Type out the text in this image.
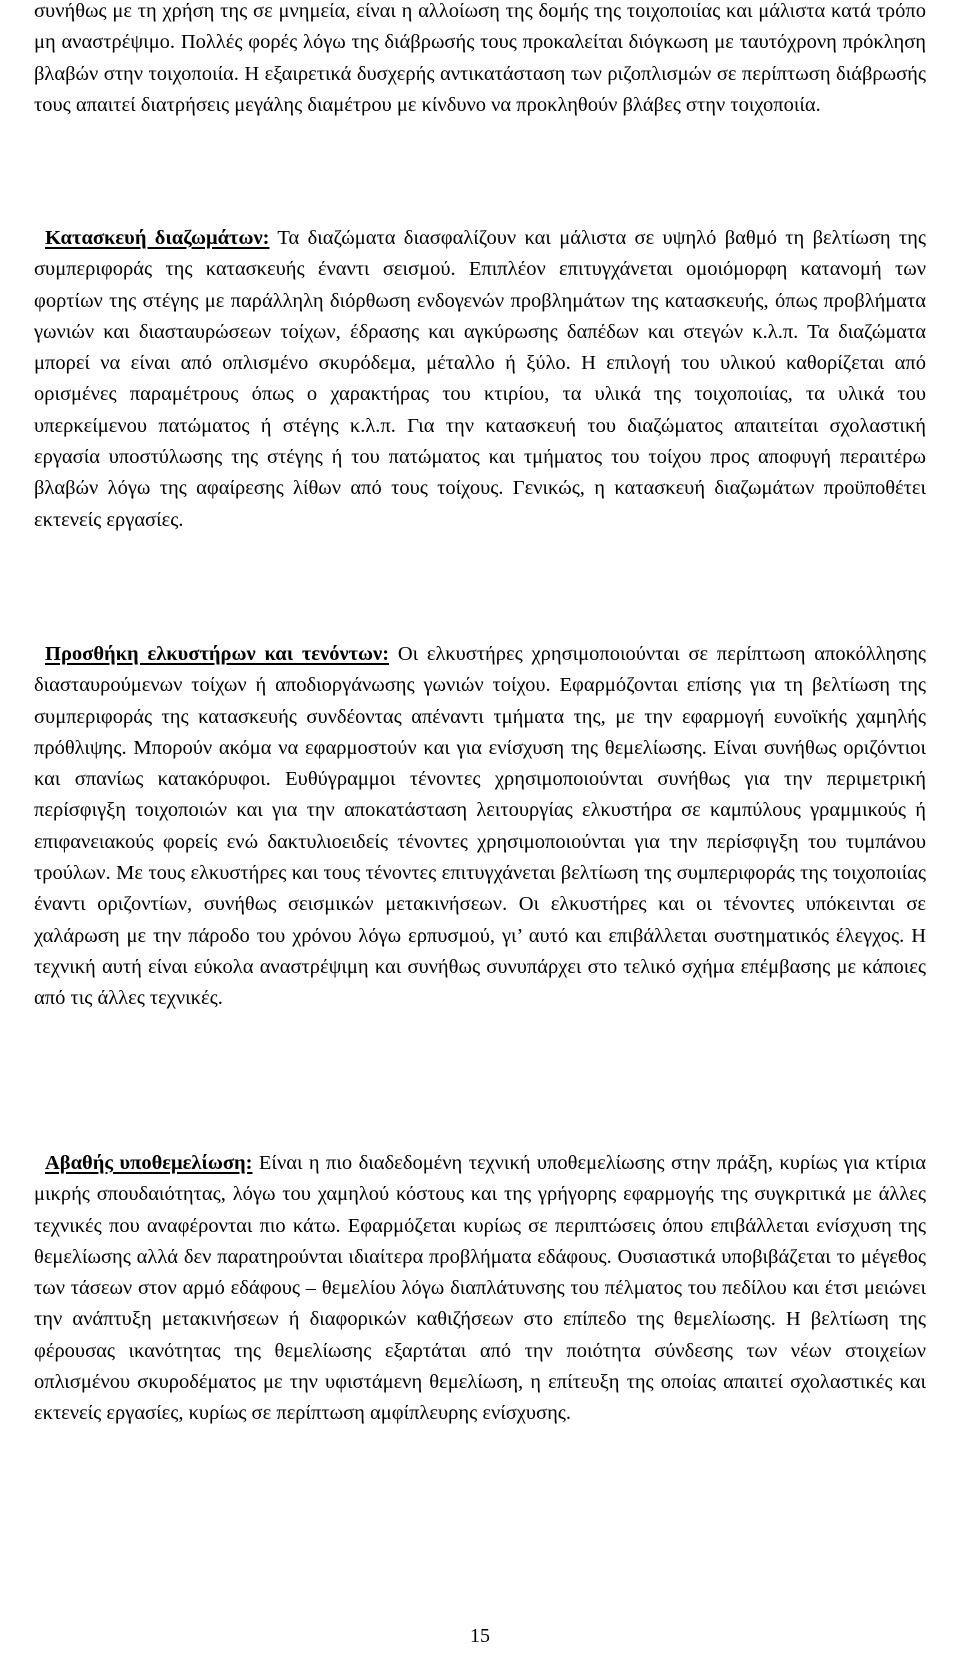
συνήθως με τη χρήση της σε μνημεία, είναι η αλλοίωση της δομής της τοιχοποιίας και μάλιστα κατά τρόπο μη αναστρέψιμο. Πολλές φορές λόγω της διάβρωσής τους προκαλείται διόγκωση με ταυτόχρονη πρόκληση βλαβών στην τοιχοποιία. Η εξαιρετικά δυσχερής αντικατάσταση των ριζοπλισμών σε περίπτωση διάβρωσής τους απαιτεί διατρήσεις μεγάλης διαμέτρου με κίνδυνο να προκληθούν βλάβες στην τοιχοποιία.

Κατασκευή διαζωμάτων: Τα διαζώματα διασφαλίζουν και μάλιστα σε υψηλό βαθμό τη βελτίωση της συμπεριφοράς της κατασκευής έναντι σεισμού. Επιπλέον επιτυγχάνεται ομοιόμορφη κατανομή των φορτίων της στέγης με παράλληλη διόρθωση ενδογενών προβλημάτων της κατασκευής, όπως προβλήματα γωνιών και διασταυρώσεων τοίχων, έδρασης και αγκύρωσης δαπέδων και στεγών κ.λ.π. Τα διαζώματα μπορεί να είναι από οπλισμένο σκυρόδεμα, μέταλλο ή ξύλο. Η επιλογή του υλικού καθορίζεται από ορισμένες παραμέτρους όπως ο χαρακτήρας του κτιρίου, τα υλικά της τοιχοποιίας, τα υλικά του υπερκείμενου πατώματος ή στέγης κ.λ.π. Για την κατασκευή του διαζώματος απαιτείται σχολαστική εργασία υποστύλωσης της στέγης ή του πατώματος και τμήματος του τοίχου προς αποφυγή περαιτέρω βλαβών λόγω της αφαίρεσης λίθων από τους τοίχους. Γενικώς, η κατασκευή διαζωμάτων προϋποθέτει εκτενείς εργασίες.

Προσθήκη ελκυστήρων και τενόντων: Οι ελκυστήρες χρησιμοποιούνται σε περίπτωση αποκόλλησης διασταυρούμενων τοίχων ή αποδιοργάνωσης γωνιών τοίχου. Εφαρμόζονται επίσης για τη βελτίωση της συμπεριφοράς της κατασκευής συνδέοντας απέναντι τμήματα της, με την εφαρμογή ευνοϊκής χαμηλής πρόθλιψης. Μπορούν ακόμα να εφαρμοστούν και για ενίσχυση της θεμελίωσης. Είναι συνήθως οριζόντιοι και σπανίως κατακόρυφοι. Ευθύγραμμοι τένοντες χρησιμοποιούνται συνήθως για την περιμετρική περίσφιγξη τοιχοποιών και για την αποκατάσταση λειτουργίας ελκυστήρα σε καμπύλους γραμμικούς ή επιφανειακούς φορείς ενώ δακτυλιοειδείς τένοντες χρησιμοποιούνται για την περίσφιγξη του τυμπάνου τρούλων. Με τους ελκυστήρες και τους τένοντες επιτυγχάνεται βελτίωση της συμπεριφοράς της τοιχοποιίας έναντι οριζοντίων, συνήθως σεισμικών μετακινήσεων. Οι ελκυστήρες και οι τένοντες υπόκεινται σε χαλάρωση με την πάροδο του χρόνου λόγω ερπυσμού, γι’ αυτό και επιβάλλεται συστηματικός έλεγχος. Η τεχνική αυτή είναι εύκολα αναστρέψιμη και συνήθως συνυπάρχει στο τελικό σχήμα επέμβασης με κάποιες από τις άλλες τεχνικές.

Αβαθής υποθεμελίωση: Είναι η πιο διαδεδομένη τεχνική υποθεμελίωσης στην πράξη, κυρίως για κτίρια μικρής σπουδαιότητας, λόγω του χαμηλού κόστους και της γρήγορης εφαρμογής της συγκριτικά με άλλες τεχνικές που αναφέρονται πιο κάτω. Εφαρμόζεται κυρίως σε περιπτώσεις όπου επιβάλλεται ενίσχυση της θεμελίωσης αλλά δεν παρατηρούνται ιδιαίτερα προβλήματα εδάφους. Ουσιαστικά υποβιβάζεται το μέγεθος των τάσεων στον αρμό εδάφους – θεμελίου λόγω διαπλάτυνσης του πέλματος του πεδίλου και έτσι μειώνει την ανάπτυξη μετακινήσεων ή διαφορικών καθιζήσεων στο επίπεδο της θεμελίωσης. Η βελτίωση της φέρουσας ικανότητας της θεμελίωσης εξαρτάται από την ποιότητα σύνδεσης των νέων στοιχείων οπλισμένου σκυροδέματος με την υφιστάμενη θεμελίωση, η επίτευξη της οποίας απαιτεί σχολαστικές και εκτενείς εργασίες, κυρίως σε περίπτωση αμφίπλευρης ενίσχυσης.

15
